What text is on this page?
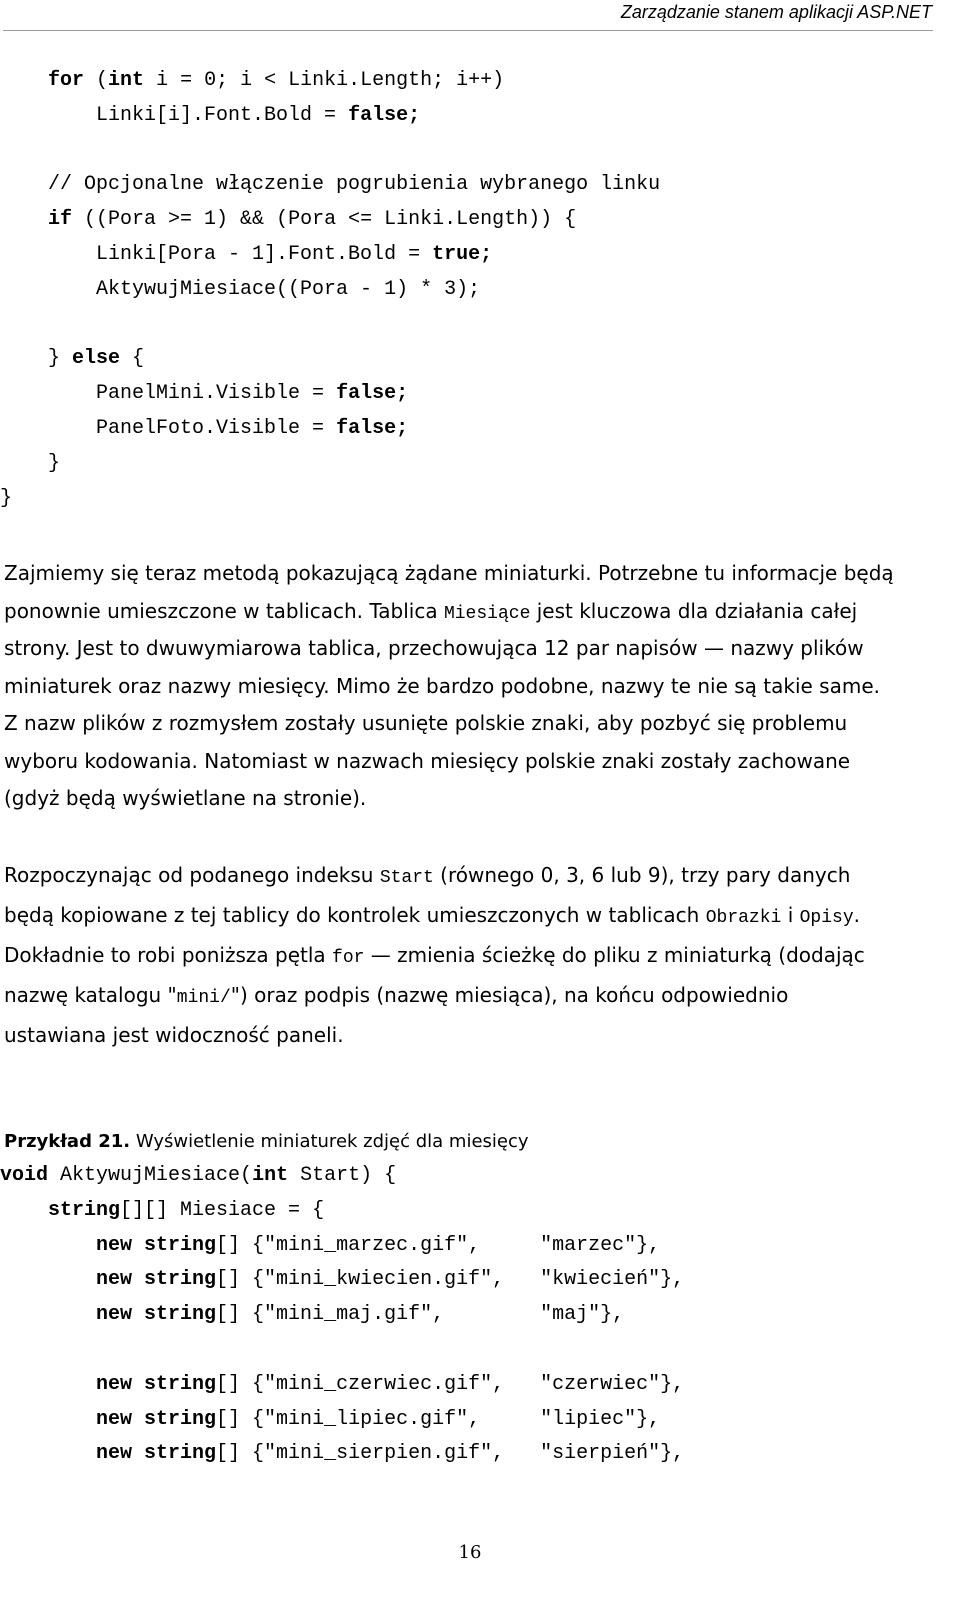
Zarządzanie stanem aplikacji ASP.NET
for (int i = 0; i < Linki.Length; i++)
Linki[i].Font.Bold = false;
// Opcjonalne włączenie pogrubienia wybranego linku
if ((Pora >= 1) && (Pora <= Linki.Length)) {
Linki[Pora - 1].Font.Bold = true;
AktywujMiesiace((Pora - 1) * 3);
} else {
PanelMini.Visible = false;
PanelFoto.Visible = false;
}
}
Zajmiemy się teraz metodą pokazującą żądane miniaturki. Potrzebne tu informacje będą
ponownie umieszczone w tablicach. Tablica Miesiące jest kluczowa dla działania całej
strony. Jest to dwuwymiarowa tablica, przechowująca 12 par napisów — nazwy plików
miniaturek oraz nazwy miesięcy. Mimo że bardzo podobne, nazwy te nie są takie same.
Z nazw plików z rozmysłem zostały usunięte polskie znaki, aby pozbyć się problemu
wyboru kodowania. Natomiast w nazwach miesięcy polskie znaki zostały zachowane
(gdyż będą wyświetlane na stronie).
Rozpoczynając od podanego indeksu Start (równego 0, 3, 6 lub 9), trzy pary danych
będą kopiowane z tej tablicy do kontrolek umieszczonych w tablicach Obrazki i Opisy.
Dokładnie to robi poniższa pętla for — zmienia ścieżkę do pliku z miniaturką (dodając
nazwę katalogu "mini/") oraz podpis (nazwę miesiąca), na końcu odpowiednio
ustawiana jest widoczność paneli.
Przykład 21. Wyświetlenie miniaturek zdjęć dla miesięcy
void AktywujMiesiace(int Start) {
string[][] Miesiace = {
new string[] {"mini_marzec.gif",     "marzec"},
new string[] {"mini_kwiecien.gif",   "kwiecień"},
new string[] {"mini_maj.gif",        "maj"},
new string[] {"mini_czerwiec.gif",   "czerwiec"},
new string[] {"mini_lipiec.gif",     "lipiec"},
new string[] {"mini_sierpien.gif",   "sierpień"},
16
